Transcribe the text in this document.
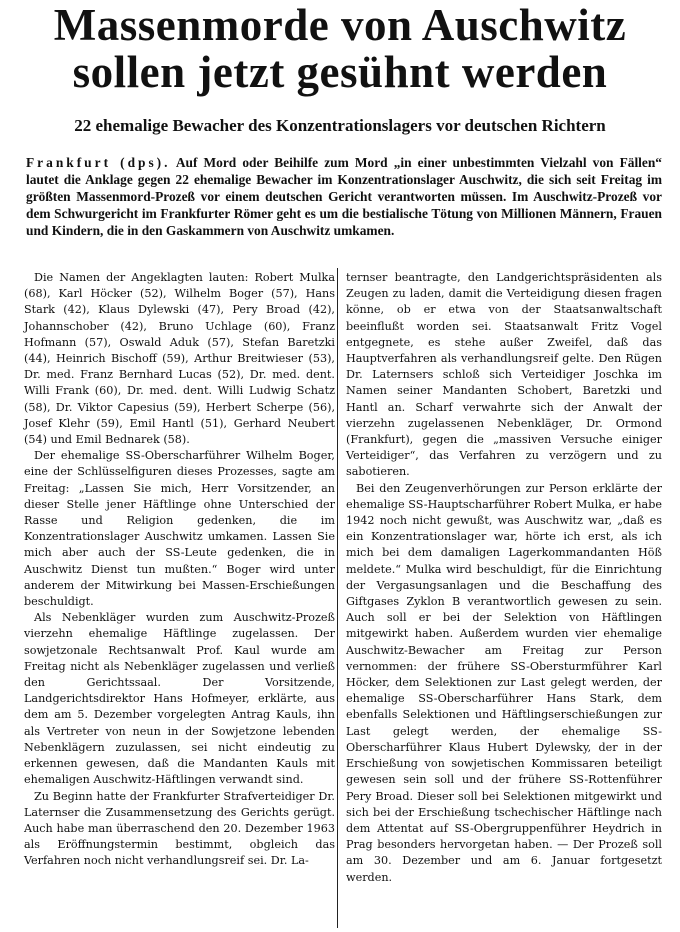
Massenmorde von Auschwitz
sollen jetzt gesühnt werden
22 ehemalige Bewacher des Konzentrationslagers vor deutschen Richtern
Frankfurt (dps). Auf Mord oder Beihilfe zum Mord „in einer unbestimmten Vielzahl von Fällen“ lautet die Anklage gegen 22 ehemalige Bewacher im Konzentrationslager Auschwitz, die sich seit Freitag im größten Massenmord-Prozeß vor einem deutschen Gericht verantworten müssen. Im Auschwitz-Prozeß vor dem Schwurgericht im Frankfurter Römer geht es um die bestialische Tötung von Millionen Männern, Frauen und Kindern, die in den Gaskammern von Auschwitz umkamen.

Die Namen der Angeklagten lauten: Robert Mulka (68), Karl Höcker (52), Wilhelm Boger (57), Hans Stark (42), Klaus Dylewski (47), Pery Broad (42), Johannschober (42), Bruno Uchlage (60), Franz Hofmann (57), Oswald Aduk (57), Stefan Baretzki (44), Heinrich Bischoff (59), Arthur Breitwieser (53), Dr. med. Franz Bernhard Lucas (52), Dr. med. dent. Willi Frank (60), Dr. med. dent. Willi Ludwig Schatz (58), Dr. Viktor Capesius (59), Herbert Scherpe (56), Josef Klehr (59), Emil Hantl (51), Gerhard Neubert (54) und Emil Bednarek (58).

Der ehemalige SS-Oberscharführer Wilhelm Boger, eine der Schlüsselfiguren dieses Prozesses, sagte am Freitag: „Lassen Sie mich, Herr Vorsitzender, an dieser Stelle jener Häftlinge ohne Unterschied der Rasse und Religion gedenken, die im Konzentrationslager Auschwitz umkamen. Lassen Sie mich aber auch der SS-Leute gedenken, die in Auschwitz Dienst tun mußten.“ Boger wird unter anderem der Mitwirkung bei Massen-Erschießungen beschuldigt.

Als Nebenkläger wurden zum Auschwitz-Prozeß vierzehn ehemalige Häftlinge zugelassen. Der sowjetzonale Rechtsanwalt Prof. Kaul wurde am Freitag nicht als Nebenkläger zugelassen und verließ den Gerichtssaal. Der Vorsitzende, Landgerichtsdirektor Hans Hofmeyer, erklärte, aus dem am 5. Dezember vorgelegten Antrag Kauls, ihn als Vertreter von neun in der Sowjetzone lebenden Nebenklägern zuzulassen, sei nicht eindeutig zu erkennen gewesen, daß die Mandanten Kauls mit ehemaligen Auschwitz-Häftlingen verwandt sind.

Zu Beginn hatte der Frankfurter Strafverteidiger Dr. Laternser die Zusammensetzung des Gerichts gerügt. Auch habe man überraschend den 20. Dezember 1963 als Eröffnungstermin bestimmt, obgleich das Verfahren noch nicht verhandlungsreif sei. Dr. La-

ternser beantragte, den Landgerichtspräsidenten als Zeugen zu laden, damit die Verteidigung diesen fragen könne, ob er etwa von der Staatsanwaltschaft beeinflußt worden sei. Staatsanwalt Fritz Vogel entgegnete, es stehe außer Zweifel, daß das Hauptverfahren als verhandlungsreif gelte. Den Rügen Dr. Laternsers schloß sich Verteidiger Joschka im Namen seiner Mandanten Schobert, Baretzki und Hantl an. Scharf verwahrte sich der Anwalt der vierzehn zugelassenen Nebenkläger, Dr. Ormond (Frankfurt), gegen die „massiven Versuche einiger Verteidiger“, das Verfahren zu verzögern und zu sabotieren.

Bei den Zeugenverhörungen zur Person erklärte der ehemalige SS-Hauptscharführer Robert Mulka, er habe 1942 noch nicht gewußt, was Auschwitz war, „daß es ein Konzentrationslager war, hörte ich erst, als ich mich bei dem damaligen Lagerkommandanten Höß meldete.“ Mulka wird beschuldigt, für die Einrichtung der Vergasungsanlagen und die Beschaffung des Giftgases Zyklon B verantwortlich gewesen zu sein. Auch soll er bei der Selektion von Häftlingen mitgewirkt haben. Außerdem wurden vier ehemalige Auschwitz-Bewacher am Freitag zur Person vernommen: der frühere SS-Obersturmführer Karl Höcker, dem Selektionen zur Last gelegt werden, der ehemalige SS-Oberscharführer Hans Stark, dem ebenfalls Selektionen und Häftlingserschießungen zur Last gelegt werden, der ehemalige SS-Oberscharführer Klaus Hubert Dylewsky, der in der Erschießung von sowjetischen Kommissaren beteiligt gewesen sein soll und der frühere SS-Rottenführer Pery Broad. Dieser soll bei Selektionen mitgewirkt und sich bei der Erschießung tschechischer Häftlinge nach dem Attentat auf SS-Obergruppenführer Heydrich in Prag besonders hervorgetan haben. — Der Prozeß soll am 30. Dezember und am 6. Januar fortgesetzt werden.
